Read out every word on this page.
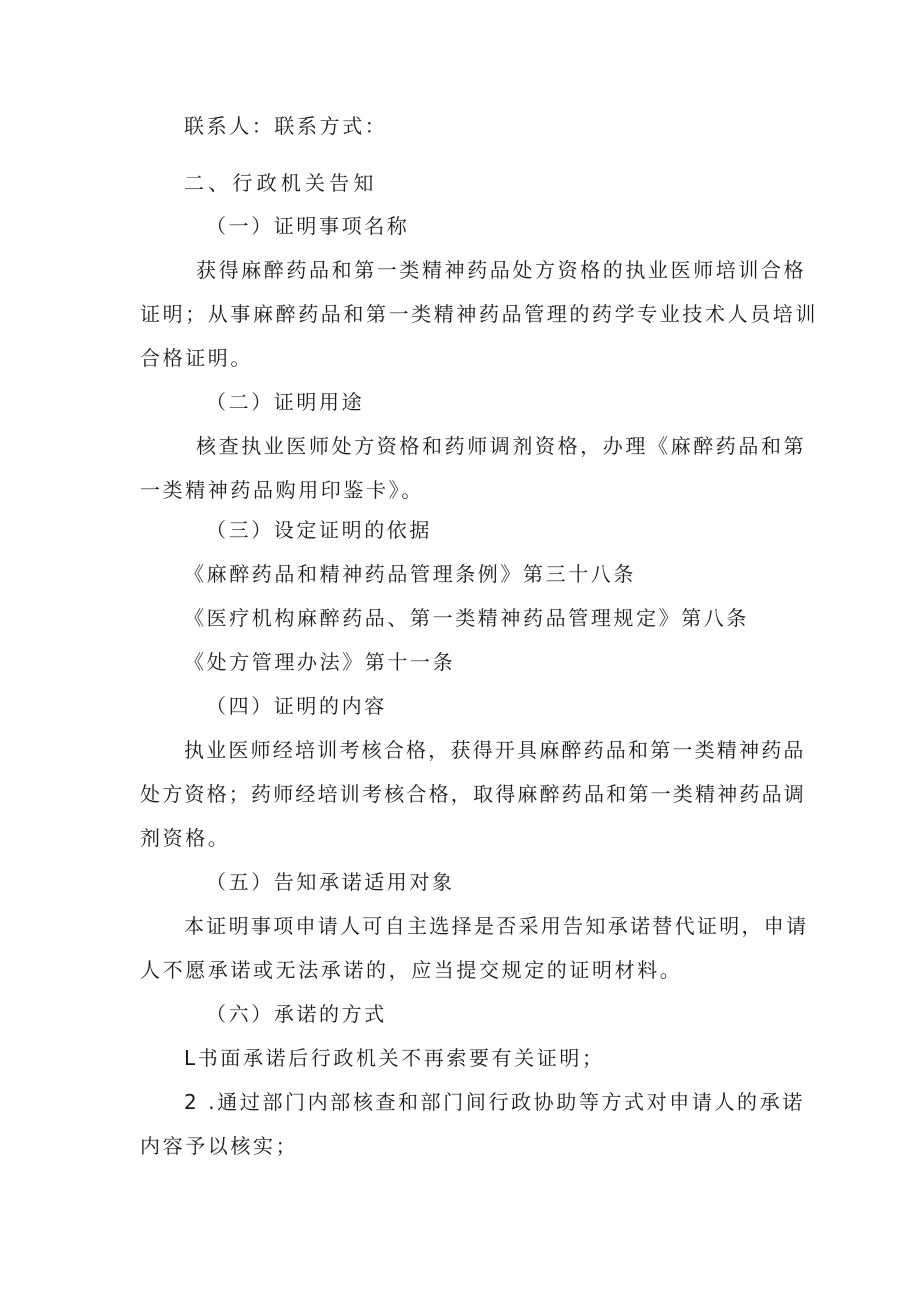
联系人：联系方式：

二、行政机关告知

（一）证明事项名称

获得麻醉药品和第一类精神药品处方资格的执业医师培训合格

证明；从事麻醉药品和第一类精神药品管理的药学专业技术人员培训

合格证明。

（二）证明用途

核查执业医师处方资格和药师调剂资格，办理《麻醉药品和第

一类精神药品购用印鉴卡》。

（三）设定证明的依据

《麻醉药品和精神药品管理条例》第三十八条

《医疗机构麻醉药品、第一类精神药品管理规定》第八条

《处方管理办法》第十一条

（四）证明的内容

执业医师经培训考核合格，获得开具麻醉药品和第一类精神药品

处方资格；药师经培训考核合格，取得麻醉药品和第一类精神药品调

剂资格。

（五）告知承诺适用对象

本证明事项申请人可自主选择是否采用告知承诺替代证明，申请

人不愿承诺或无法承诺的，应当提交规定的证明材料。

（六）承诺的方式

L书面承诺后行政机关不再索要有关证明；

2 .通过部门内部核查和部门间行政协助等方式对申请人的承诺

内容予以核实；
